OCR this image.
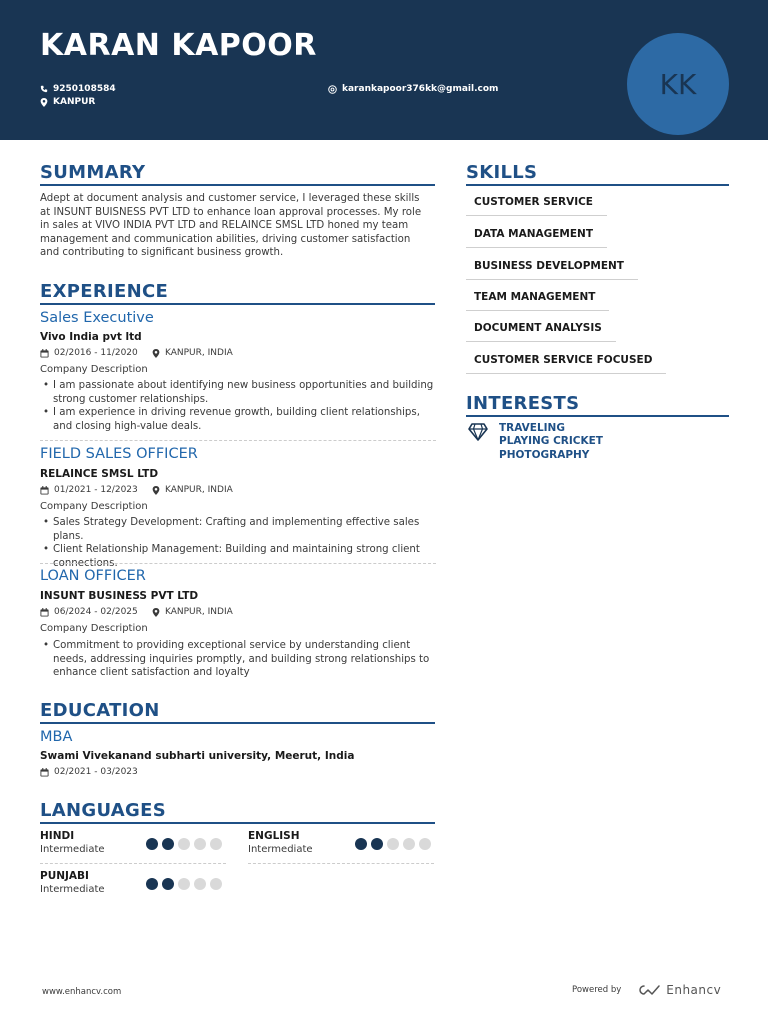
KARAN KAPOOR
9250108584
KANPUR
karankapoor376kk@gmail.com	KK
SUMMARY
Adept at document analysis and customer service, I leveraged these skills at INSUNT BUISNESS PVT LTD to enhance loan approval processes. My role in sales at VIVO INDIA PVT LTD and RELAINCE SMSL LTD honed my team management and communication abilities, driving customer satisfaction and contributing to significant business growth.
EXPERIENCE
Sales Executive
Vivo India pvt ltd
02/2016 - 11/2020	KANPUR, INDIA
Company Description
• I am passionate about identifying new business opportunities and building strong customer relationships.
• I am experience in driving revenue growth, building client relationships, and closing high-value deals.
FIELD SALES OFFICER
RELAINCE SMSL LTD
01/2021 - 12/2023	KANPUR, INDIA
Company Description
• Sales Strategy Development: Crafting and implementing effective sales plans.
• Client Relationship Management: Building and maintaining strong client connections.
LOAN OFFICER
INSUNT BUSINESS PVT LTD
06/2024 - 02/2025	KANPUR, INDIA
Company Description
• Commitment to providing exceptional service by understanding client needs, addressing inquiries promptly, and building strong relationships to enhance client satisfaction and loyalty
EDUCATION
MBA
Swami Vivekanand subharti university, Meerut, India
02/2021 - 03/2023
LANGUAGES
HINDI
Intermediate
ENGLISH
Intermediate
PUNJABI
Intermediate
SKILLS
CUSTOMER SERVICE
DATA MANAGEMENT
BUSINESS DEVELOPMENT
TEAM MANAGEMENT
DOCUMENT ANALYSIS
CUSTOMER SERVICE FOCUSED
INTERESTS
TRAVELING
PLAYING CRICKET
PHOTOGRAPHY
www.enhancv.com	Powered by	Enhancv
